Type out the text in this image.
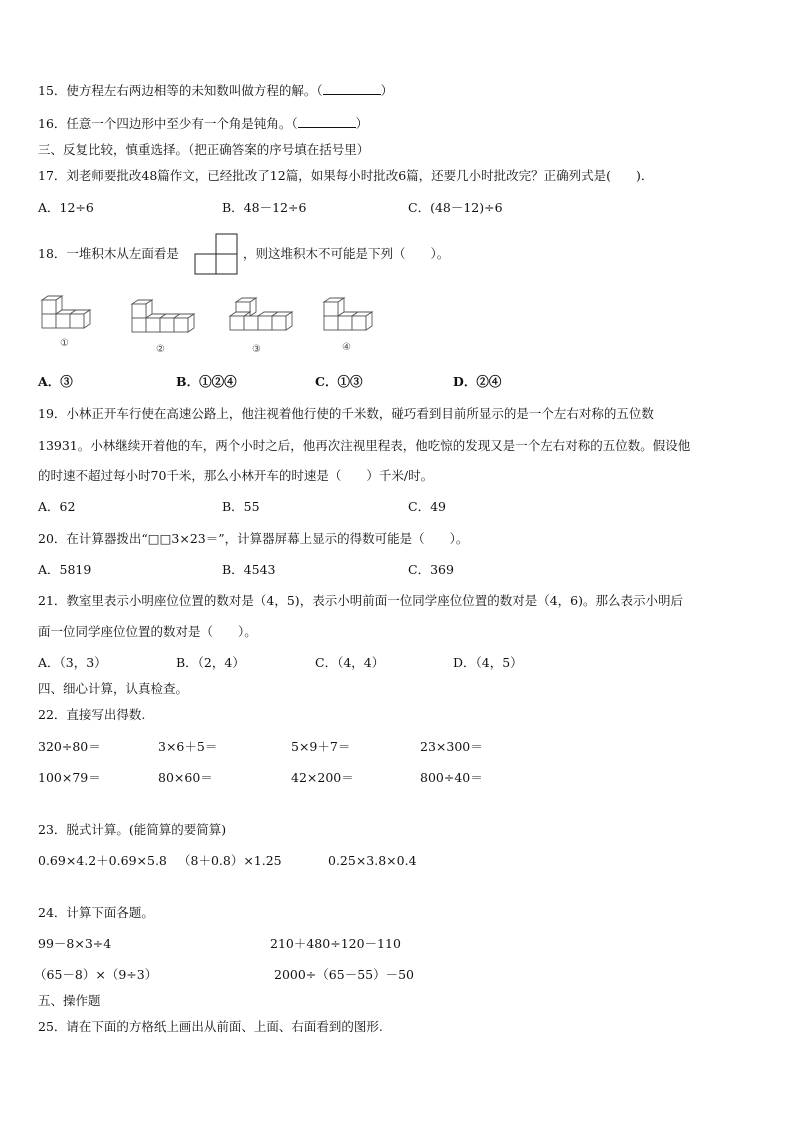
15．使方程左右两边相等的未知数叫做方程的解。（	）
16．任意一个四边形中至少有一个角是钝角。（	）
三、反复比较，慎重选择。（把正确答案的序号填在括号里）
17．刘老师要批改48篇作文，已经批改了12篇，如果每小时批改6篇，还要几小时批改完？正确列式是(　　)．
A．12÷6	B．48－12÷6	C．(48－12)÷6
18．一堆积木从左面看是	，则这堆积木不可能是下列（　　）。
①
②	③	④
A．③	B．①②④	C．①③	D．②④
19．小林正开车行使在高速公路上，他注视着他行使的千米数，碰巧看到目前所显示的是一个左右对称的五位数
13931。小林继续开着他的车，两个小时之后，他再次注视里程表，他吃惊的发现又是一个左右对称的五位数。假设他
的时速不超过每小时70千米，那么小林开车的时速是（　　）千米/时。
A．62	B．55	C．49
20．在计算器拨出“□□3×23＝”，计算器屏幕上显示的得数可能是（　　）。
A．5819	B．4543	C．369
21．教室里表示小明座位位置的数对是（4，5)，表示小明前面一位同学座位位置的数对是（4，6)。那么表示小明后
面一位同学座位位置的数对是（　　）。
A．（3，3）	B．（2，4）	C．（4，4）	D．（4，5）
四、细心计算，认真检查。
22．直接写出得数.
320÷80＝	3×6＋5＝	5×9＋7＝	23×300＝
100×79＝	80×60＝	42×200＝	800÷40＝
23．脱式计算。(能简算的要简算)
0.69×4.2＋0.69×5.8 （8＋0.8）×1.25	0.25×3.8×0.4
24．计算下面各题。
99－8×3÷4	210＋480÷120－110
（65－8）×（9÷3）	2000÷（65－55）－50
五、操作题
25．请在下面的方格纸上画出从前面、上面、右面看到的图形.
